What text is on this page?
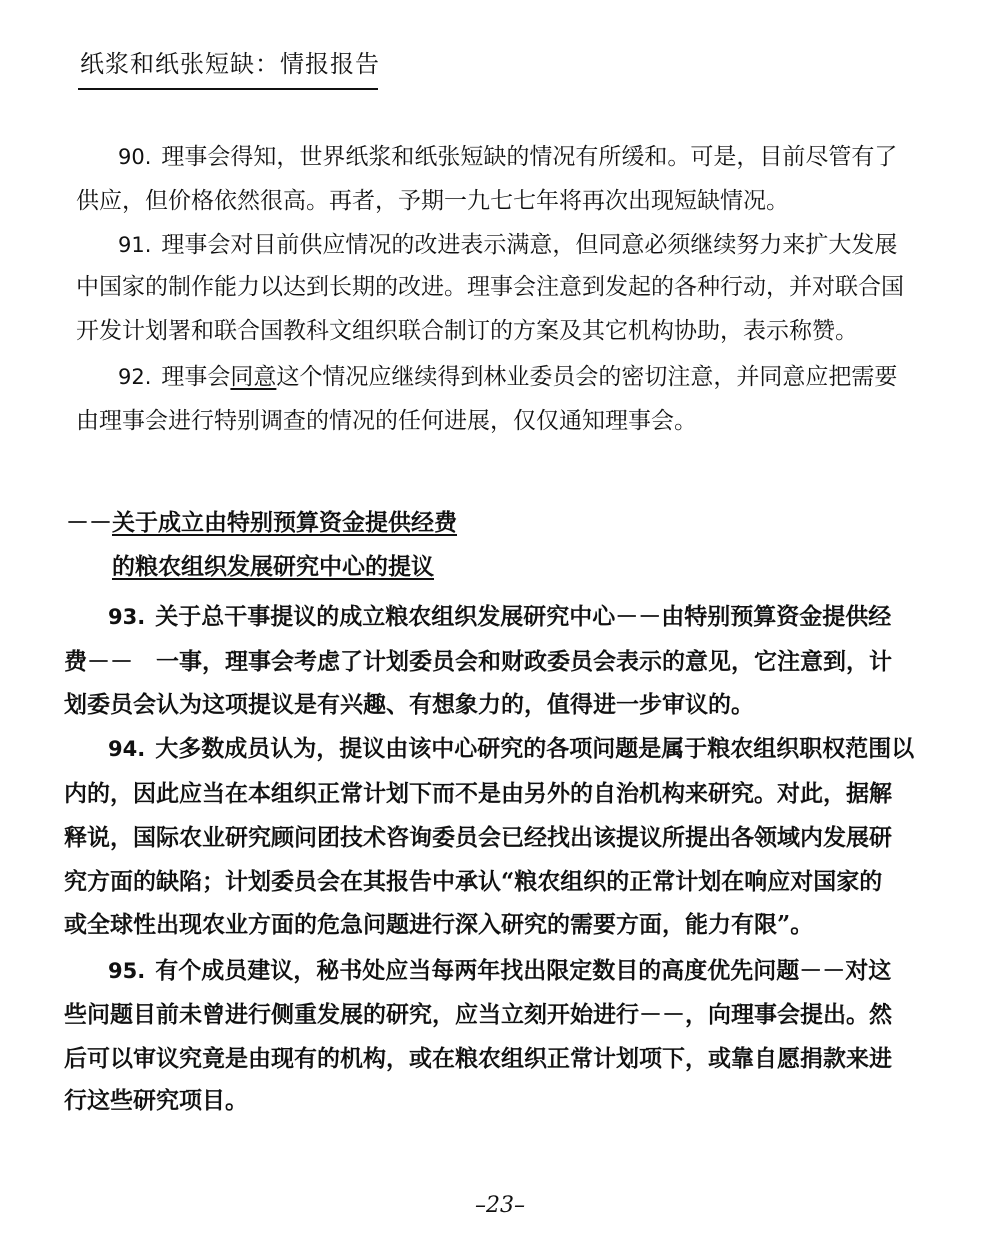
纸浆和纸张短缺：情报报告
90. 理事会得知，世界纸浆和纸张短缺的情况有所缓和。可是，目前尽管有了
供应，但价格依然很高。再者，予期一九七七年将再次出现短缺情况。
91. 理事会对目前供应情况的改进表示满意，但同意必须继续努力来扩大发展
中国家的制作能力以达到长期的改进。理事会注意到发起的各种行动，并对联合国
开发计划署和联合国教科文组织联合制订的方案及其它机构协助，表示称赞。
92. 理事会同意这个情况应继续得到林业委员会的密切注意，并同意应把需要
由理事会进行特别调查的情况的任何进展，仅仅通知理事会。
－－关于成立由特别预算资金提供经费
的粮农组织发展研究中心的提议
93. 关于总干事提议的成立粮农组织发展研究中心－－由特别预算资金提供经
费－－　一事，理事会考虑了计划委员会和财政委员会表示的意见，它注意到，计
划委员会认为这项提议是有兴趣、有想象力的，值得进一步审议的。
94. 大多数成员认为，提议由该中心研究的各项问题是属于粮农组织职权范围以
内的，因此应当在本组织正常计划下而不是由另外的自治机构来研究。对此，据解
释说，国际农业研究顾问团技术咨询委员会已经找出该提议所提出各领域内发展研
究方面的缺陷；计划委员会在其报告中承认“粮农组织的正常计划在响应对国家的
或全球性出现农业方面的危急问题进行深入研究的需要方面，能力有限”。
95. 有个成员建议，秘书处应当每两年找出限定数目的高度优先问题－－对这
些问题目前未曾进行侧重发展的研究，应当立刻开始进行－－，向理事会提出。然
后可以审议究竟是由现有的机构，或在粮农组织正常计划项下，或靠自愿捐款来进
行这些研究项目。
–23–
